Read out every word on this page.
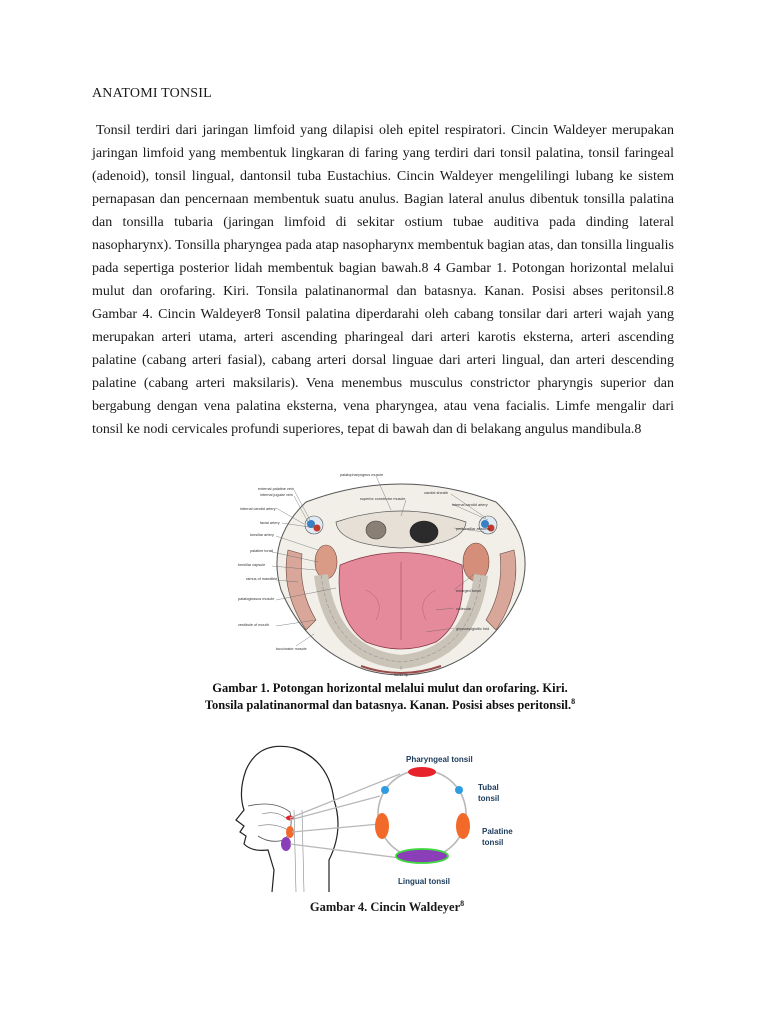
ANATOMI TONSIL

Tonsil terdiri dari jaringan limfoid yang dilapisi oleh epitel respiratori. Cincin Waldeyer merupakan jaringan limfoid yang membentuk lingkaran di faring yang terdiri dari tonsil palatina, tonsil faringeal (adenoid), tonsil lingual, dantonsil tuba Eustachius. Cincin Waldeyer mengelilingi lubang ke sistem pernapasan dan pencernaan membentuk suatu anulus. Bagian lateral anulus dibentuk tonsilla palatina dan tonsilla tubaria (jaringan limfoid di sekitar ostium tubae auditiva pada dinding lateral nasopharynx). Tonsilla pharyngea pada atap nasopharynx membentuk bagian atas, dan tonsilla lingualis pada sepertiga posterior lidah membentuk bagian bawah.8 4 Gambar 1. Potongan horizontal melalui mulut dan orofaring. Kiri. Tonsila palatinanormal dan batasnya. Kanan. Posisi abses peritonsil.8 Gambar 4. Cincin Waldeyer8 Tonsil palatina diperdarahi oleh cabang tonsilar dari arteri wajah yang merupakan arteri utama, arteri ascending pharingeal dari arteri karotis eksterna, arteri ascending palatine (cabang arteri fasial), cabang arteri dorsal linguae dari arteri lingual, dan arteri descending palatine (cabang arteri maksilaris). Vena menembus musculus constrictor pharyngis superior dan bergabung dengan vena palatina eksterna, vena pharyngea, atau vena facialis. Limfe mengalir dari tonsil ke nodi cervicales profundi superiores, tepat di bawah dan di belakang angulus mandibula.8

external palatine vein
internal jugular vein
internal carotid artery
facial artery
tonsillar artery
palatine tonsil
tonsillar capsule
ramus of mandible
palatoglossus muscle
vestibule of mouth
buccinator muscle
palatopharyngeus muscle
superior constrictor muscle
carotid sheath
internal carotid artery
peritonsillar abscess
enlarged tonsil
vallecula
glossoepiglottic fold
lower lip
Gambar 1. Potongan horizontal melalui mulut dan orofaring. Kiri.
Tonsila palatinanormal dan batasnya. Kanan. Posisi abses peritonsil.$^8$
Pharyngeal tonsil
Tubal
tonsil
Palatine
tonsil
Lingual tonsil
Gambar 4. Cincin Waldeyer$^8$
